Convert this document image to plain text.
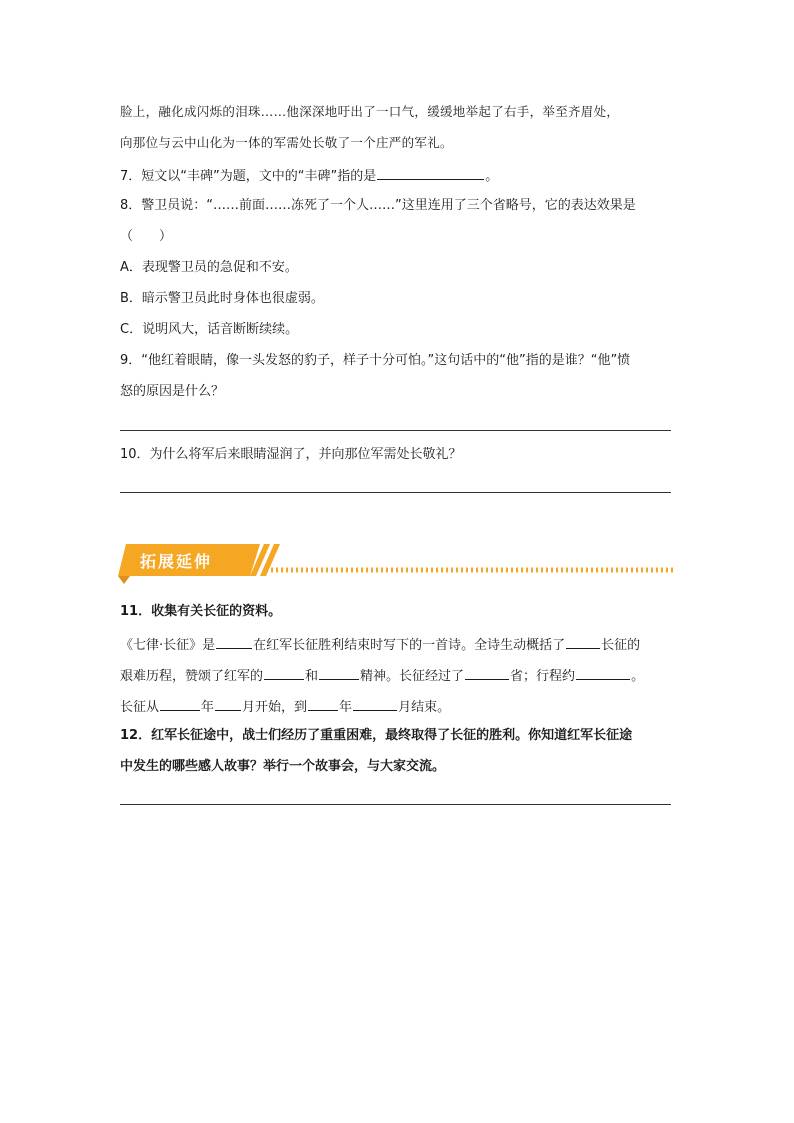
脸上，融化成闪烁的泪珠……他深深地吁出了一口气，缓缓地举起了右手，举至齐眉处，
向那位与云中山化为一体的军需处长敬了一个庄严的军礼。
7．短文以“丰碑”为题，文中的“丰碑”指的是	。
8．警卫员说：“……前面……冻死了一个人……”这里连用了三个省略号，它的表达效果是
（　　）
A．表现警卫员的急促和不安。
B．暗示警卫员此时身体也很虚弱。
C．说明风大，话音断断续续。
9．“他红着眼睛，像一头发怒的豹子，样子十分可怕。”这句话中的“他”指的是谁？“他”愤
怒的原因是什么？
10．为什么将军后来眼睛湿润了，并向那位军需处长敬礼？
拓展延伸
11．收集有关长征的资料。
《七律·长征》是	在红军长征胜利结束时写下的一首诗。全诗生动概括了	长征的
艰难历程，赞颂了红军的	和	精神。长征经过了	省；行程约	。
长征从	年 月开始，到 年	月结束。
12．红军长征途中，战士们经历了重重困难，最终取得了长征的胜利。你知道红军长征途
中发生的哪些感人故事？举行一个故事会，与大家交流。
